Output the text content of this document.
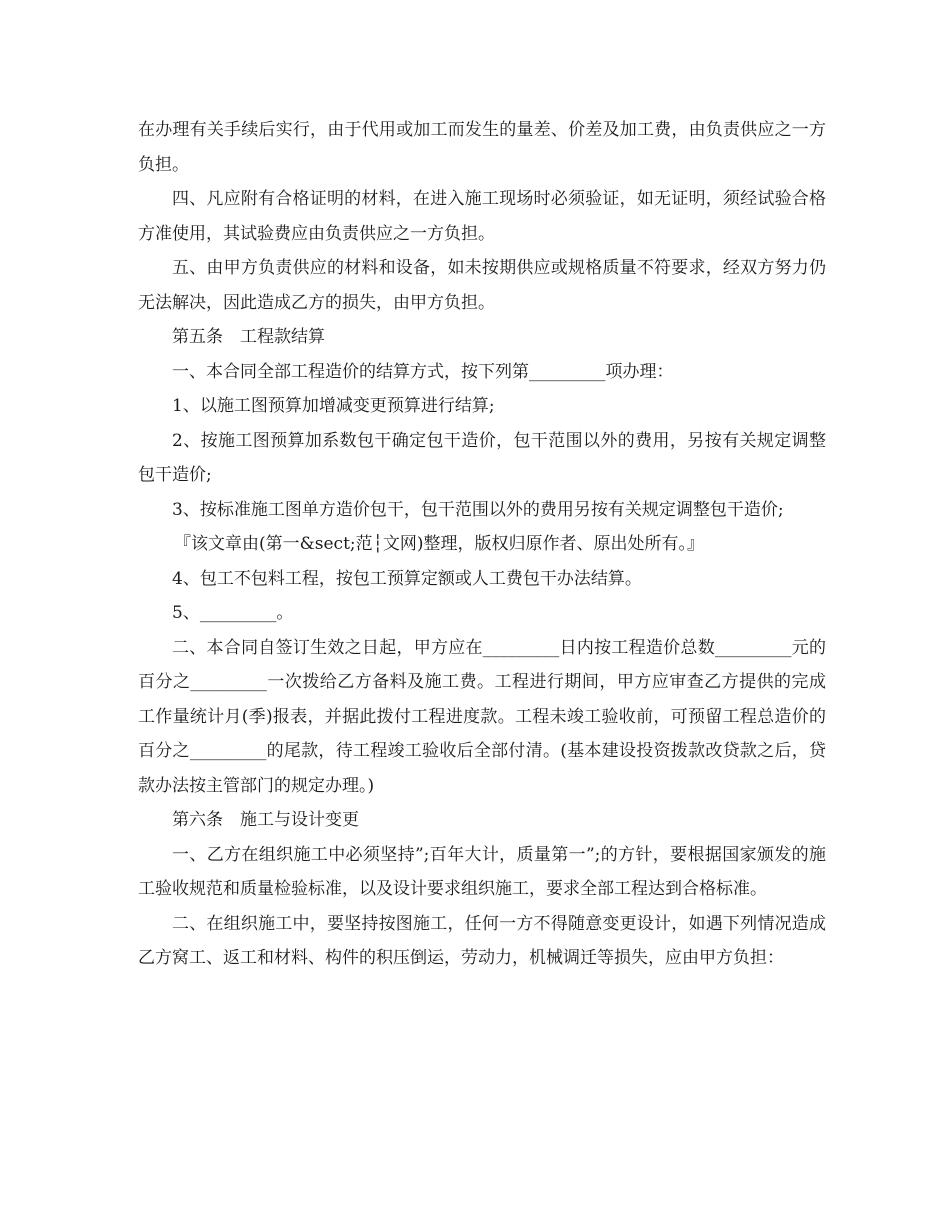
在办理有关手续后实行，由于代用或加工而发生的量差、价差及加工费，由负责供应之一方负担。

四、凡应附有合格证明的材料，在进入施工现场时必须验证，如无证明，须经试验合格方准使用，其试验费应由负责供应之一方负担。

五、由甲方负责供应的材料和设备，如未按期供应或规格质量不符要求，经双方努力仍无法解决，因此造成乙方的损失，由甲方负担。

第五条　工程款结算

一、本合同全部工程造价的结算方式，按下列第_________项办理：

1、以施工图预算加增减变更预算进行结算;

2、按施工图预算加系数包干确定包干造价，包干范围以外的费用，另按有关规定调整包干造价;

3、按标准施工图单方造价包干，包干范围以外的费用另按有关规定调整包干造价;

『该文章由(第一&sect;范┆文网)整理，版权归原作者、原出处所有。』

4、包工不包料工程，按包工预算定额或人工费包干办法结算。

5、_________。

二、本合同自签订生效之日起，甲方应在_________日内按工程造价总数_________元的百分之_________一次拨给乙方备料及施工费。工程进行期间，甲方应审查乙方提供的完成工作量统计月(季)报表，并据此拨付工程进度款。工程未竣工验收前，可预留工程总造价的百分之_________的尾款，待工程竣工验收后全部付清。(基本建设投资拨款改贷款之后，贷款办法按主管部门的规定办理。)

第六条　施工与设计变更

一、乙方在组织施工中必须坚持”;百年大计，质量第一”;的方针，要根据国家颁发的施工验收规范和质量检验标准，以及设计要求组织施工，要求全部工程达到合格标准。

二、在组织施工中，要坚持按图施工，任何一方不得随意变更设计，如遇下列情况造成乙方窝工、返工和材料、构件的积压倒运，劳动力，机械调迁等损失，应由甲方负担：
